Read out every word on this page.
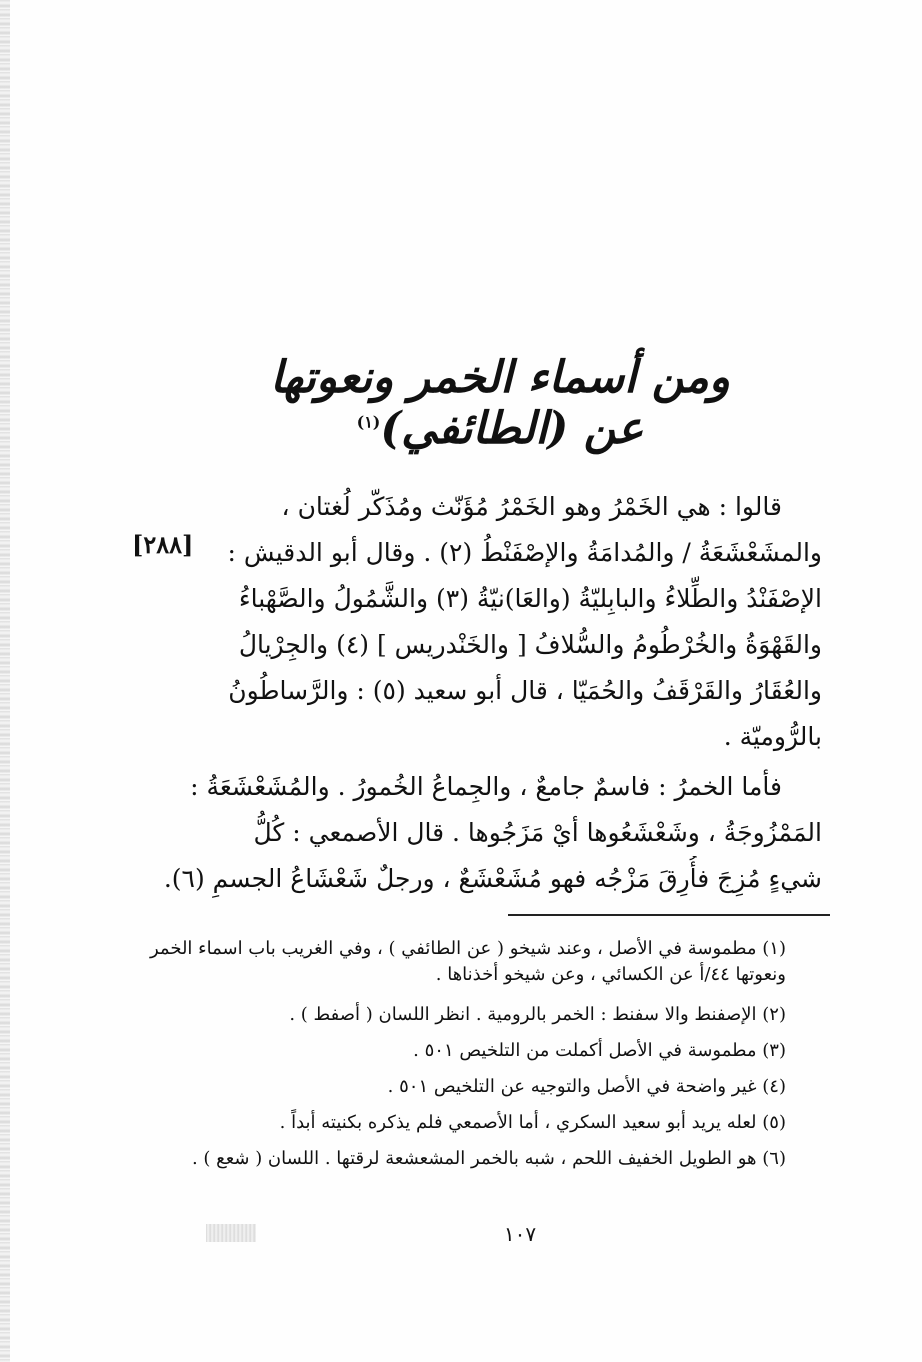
ومن أسماء الخمر ونعوتها عن (الطائفي)$^{(١)}$
[٢٨٨]
قالوا : هي الخَمْرُ وهو الخَمْرُ مُؤَنّث ومُذَكّر لُغتان ،
والمشَعْشَعَةُ / والمُدامَةُ والإصْفَنْطُ (٢) . وقال أبو الدقيش :
الإصْفَنْدُ والطِّلاءُ والبابِليّةُ (والعَا)نيّةُ (٣) والشَّمُولُ والصَّهْباءُ
والقَهْوَةُ والخُرْطُومُ والسُّلافُ [ والخَنْدريس ] (٤) والجِرْيالُ
والعُقَارُ والقَرْقَفُ والحُمَيّا ، قال أبو سعيد (٥) : والرَّساطُونُ
بالرُّوميّة .
فأما الخمرُ : فاسمٌ جامعٌ ، والجِماعُ الخُمورُ . والمُشَعْشَعَةُ :
المَمْزُوجَةُ ، وشَعْشَعُوها أيْ مَزَجُوها . قال الأصمعي : كُلُّ
شيءٍ مُزِجَ فأُرِقَ مَزْجُه فهو مُشَعْشَعٌ ، ورجلٌ شَعْشَاعُ الجسمِ (٦).
(١) مطموسة في الأصل ، وعند شيخو ( عن الطائفي ) ، وفي الغريب باب اسماء الخمر ونعوتها ٤٤/أ عن الكسائي ، وعن شيخو أخذناها .
(٢) الإصفنط والا سفنط : الخمر بالرومية . انظر اللسان ( أصفط ) .
(٣) مطموسة في الأصل أكملت من التلخيص ٥٠١ .
(٤) غير واضحة في الأصل والتوجيه عن التلخيص ٥٠١ .
(٥) لعله يريد أبو سعيد السكري ، أما الأصمعي فلم يذكره بكنيته أبداً .
(٦) هو الطويل الخفيف اللحم ، شبه بالخمر المشعشعة لرقتها . اللسان ( شعع ) .
١٠٧
